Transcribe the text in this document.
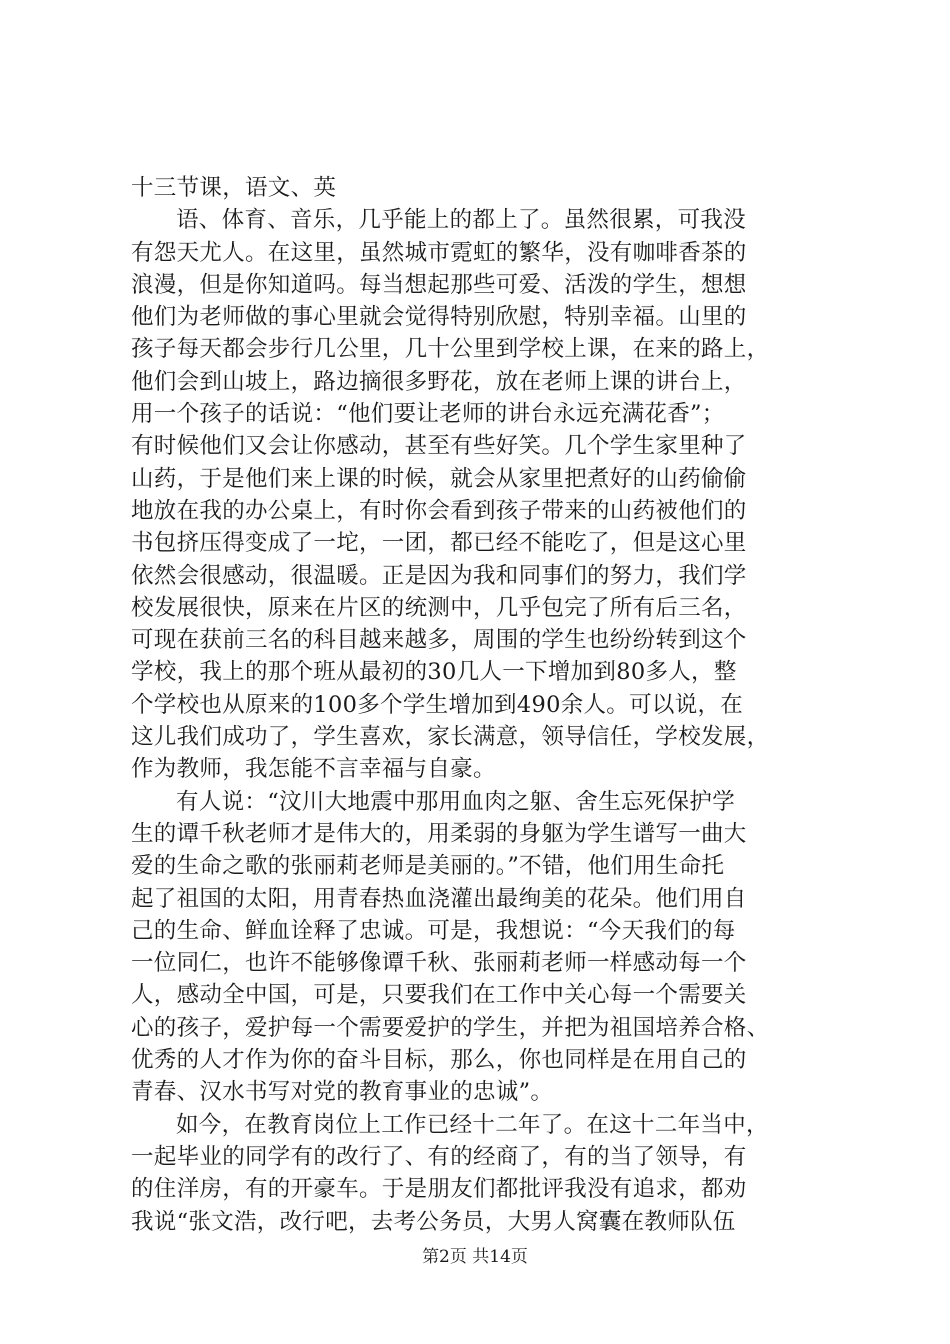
十三节课，语文、英
语、体育、音乐，几乎能上的都上了。虽然很累，可我没
有怨天尤人。在这里，虽然城市霓虹的繁华，没有咖啡香茶的
浪漫，但是你知道吗。每当想起那些可爱、活泼的学生，想想
他们为老师做的事心里就会觉得特别欣慰，特别幸福。山里的
孩子每天都会步行几公里，几十公里到学校上课，在来的路上，
他们会到山坡上，路边摘很多野花，放在老师上课的讲台上，
用一个孩子的话说：“他们要让老师的讲台永远充满花香”；
有时候他们又会让你感动，甚至有些好笑。几个学生家里种了
山药，于是他们来上课的时候，就会从家里把煮好的山药偷偷
地放在我的办公桌上，有时你会看到孩子带来的山药被他们的
书包挤压得变成了一坨，一团，都已经不能吃了，但是这心里
依然会很感动，很温暖。正是因为我和同事们的努力，我们学
校发展很快，原来在片区的统测中，几乎包完了所有后三名，
可现在获前三名的科目越来越多，周围的学生也纷纷转到这个
学校，我上的那个班从最初的30几人一下增加到80多人，整
个学校也从原来的100多个学生增加到490余人。可以说，在
这儿我们成功了，学生喜欢，家长满意，领导信任，学校发展，
作为教师，我怎能不言幸福与自豪。
有人说：“汶川大地震中那用血肉之躯、舍生忘死保护学
生的谭千秋老师才是伟大的，用柔弱的身躯为学生谱写一曲大
爱的生命之歌的张丽莉老师是美丽的。”不错，他们用生命托
起了祖国的太阳，用青春热血浇灌出最绚美的花朵。他们用自
己的生命、鲜血诠释了忠诚。可是，我想说：“今天我们的每
一位同仁，也许不能够像谭千秋、张丽莉老师一样感动每一个
人，感动全中国，可是，只要我们在工作中关心每一个需要关
心的孩子，爱护每一个需要爱护的学生，并把为祖国培养合格、
优秀的人才作为你的奋斗目标，那么，你也同样是在用自己的
青春、汉水书写对党的教育事业的忠诚”。
如今，在教育岗位上工作已经十二年了。在这十二年当中，
一起毕业的同学有的改行了、有的经商了，有的当了领导，有
的住洋房，有的开豪车。于是朋友们都批评我没有追求，都劝
我说“张文浩，改行吧，去考公务员，大男人窝囊在教师队伍
第2页 共14页
